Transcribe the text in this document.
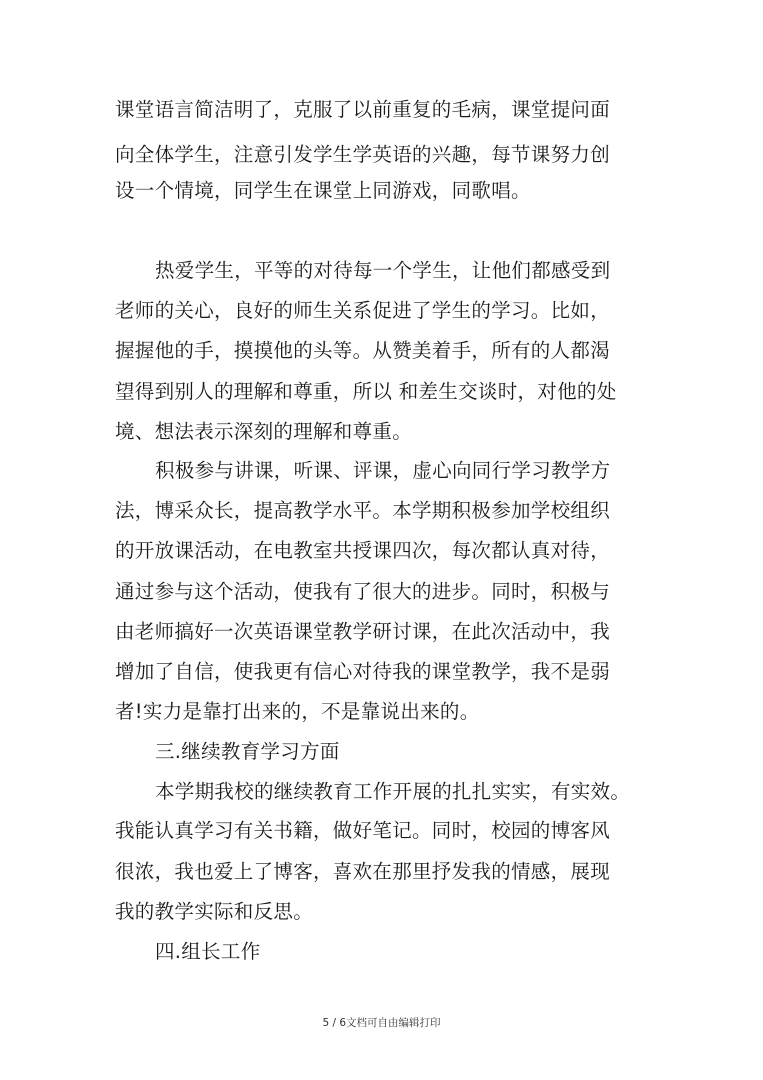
课堂语言简洁明了，克服了以前重复的毛病，课堂提问面
向全体学生，注意引发学生学英语的兴趣，每节课努力创
设一个情境，同学生在课堂上同游戏，同歌唱。
热爱学生，平等的对待每一个学生，让他们都感受到
老师的关心，良好的师生关系促进了学生的学习。比如，
握握他的手，摸摸他的头等。从赞美着手，所有的人都渴
望得到别人的理解和尊重，所以 和差生交谈时，对他的处
境、想法表示深刻的理解和尊重。
积极参与讲课，听课、评课，虚心向同行学习教学方
法，博采众长，提高教学水平。本学期积极参加学校组织
的开放课活动，在电教室共授课四次，每次都认真对待，
通过参与这个活动，使我有了很大的进步。同时，积极与
由老师搞好一次英语课堂教学研讨课，在此次活动中，我
增加了自信，使我更有信心对待我的课堂教学，我不是弱
者!实力是靠打出来的，不是靠说出来的。
三.继续教育学习方面
本学期我校的继续教育工作开展的扎扎实实，有实效。
我能认真学习有关书籍，做好笔记。同时，校园的博客风
很浓，我也爱上了博客，喜欢在那里抒发我的情感，展现
我的教学实际和反思。
四.组长工作
5 / 6文档可自由编辑打印
